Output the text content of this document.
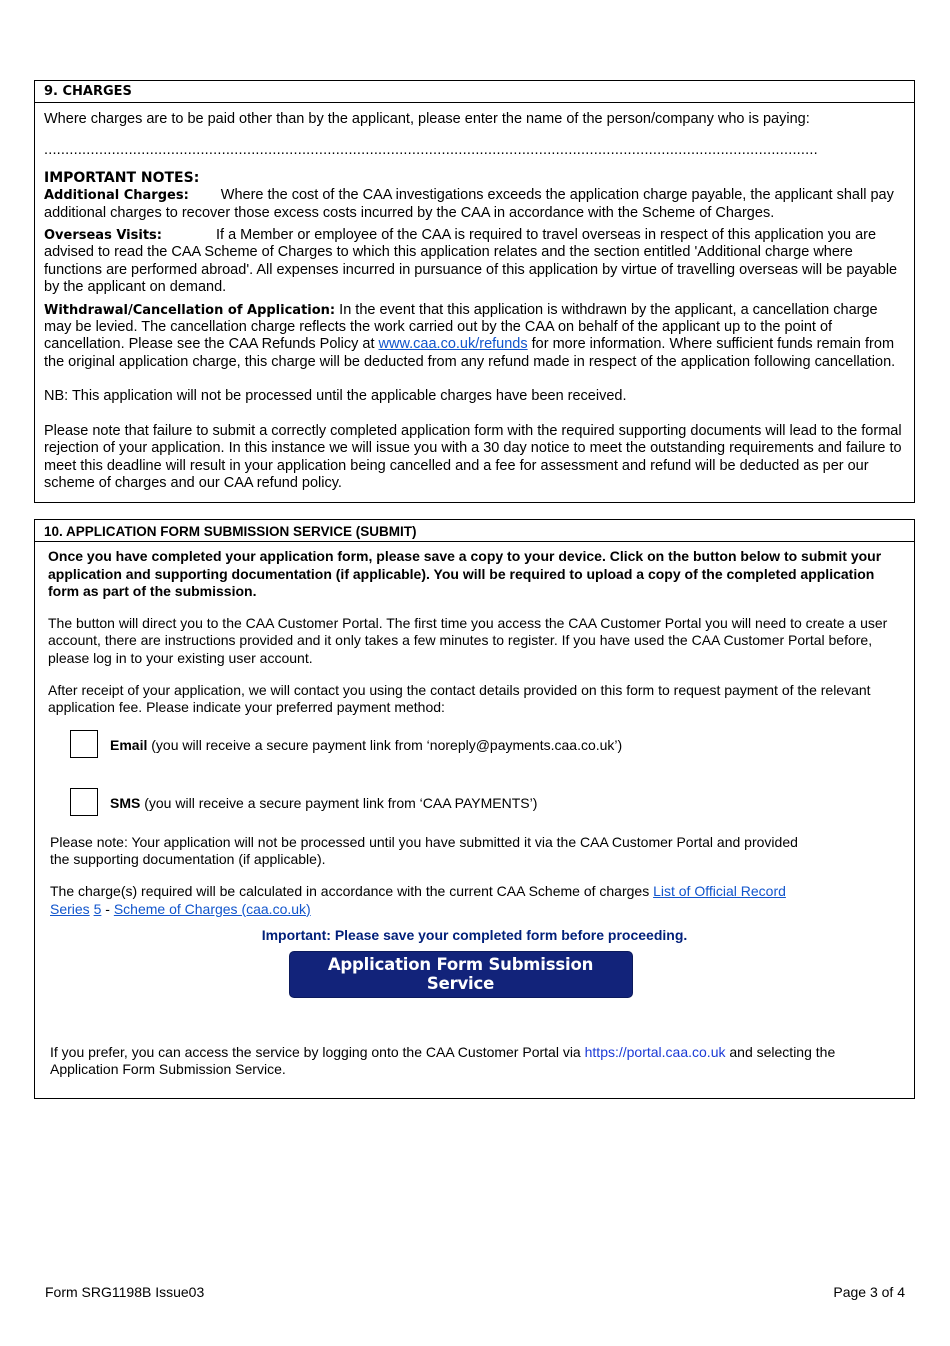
9. CHARGES

Where charges are to be paid other than by the applicant, please enter the name of the person/company who is paying:

.......................................................................................................................................................................................

IMPORTANT NOTES:

Additional Charges: Where the cost of the CAA investigations exceeds the application charge payable, the applicant shall pay additional charges to recover those excess costs incurred by the CAA in accordance with the Scheme of Charges.

Overseas Visits:	If a Member or employee of the CAA is required to travel overseas in respect of this application you are advised to read the CAA Scheme of Charges to which this application relates and the section entitled 'Additional charge where functions are performed abroad'. All expenses incurred in pursuance of this application by virtue of travelling overseas will be payable by the applicant on demand.

Withdrawal/Cancellation of Application: In the event that this application is withdrawn by the applicant, a cancellation charge may be levied. The cancellation charge reflects the work carried out by the CAA on behalf of the applicant up to the point of cancellation. Please see the CAA Refunds Policy at www.caa.co.uk/refunds for more information. Where sufficient funds remain from the original application charge, this charge will be deducted from any refund made in respect of the application following cancellation.

NB: This application will not be processed until the applicable charges have been received.

Please note that failure to submit a correctly completed application form with the required supporting documents will lead to the formal rejection of your application. In this instance we will issue you with a 30 day notice to meet the outstanding requirements and failure to meet this deadline will result in your application being cancelled and a fee for assessment and refund will be deducted as per our scheme of charges and our CAA refund policy.

10. APPLICATION FORM SUBMISSION SERVICE (SUBMIT)

Once you have completed your application form, please save a copy to your device. Click on the button below to submit your application and supporting documentation (if applicable). You will be required to upload a copy of the completed application form as part of the submission.

The button will direct you to the CAA Customer Portal. The first time you access the CAA Customer Portal you will need to create a user account, there are instructions provided and it only takes a few minutes to register. If you have used the CAA Customer Portal before, please log in to your existing user account.

After receipt of your application, we will contact you using the contact details provided on this form to request payment of the relevant application fee. Please indicate your preferred payment method:

Email (you will receive a secure payment link from ‘noreply@payments.caa.co.uk’)
SMS (you will receive a secure payment link from ‘CAA PAYMENTS’)

Please note: Your application will not be processed until you have submitted it via the CAA Customer Portal and provided the supporting documentation (if applicable).

The charge(s) required will be calculated in accordance with the current CAA Scheme of charges List of Official Record Series 5 - Scheme of Charges (caa.co.uk)

Important: Please save your completed form before proceeding.

Application Form Submission Service

If you prefer, you can access the service by logging onto the CAA Customer Portal via https://portal.caa.co.uk and selecting the Application Form Submission Service.

Form SRG1198B Issue03	Page 3 of 4
